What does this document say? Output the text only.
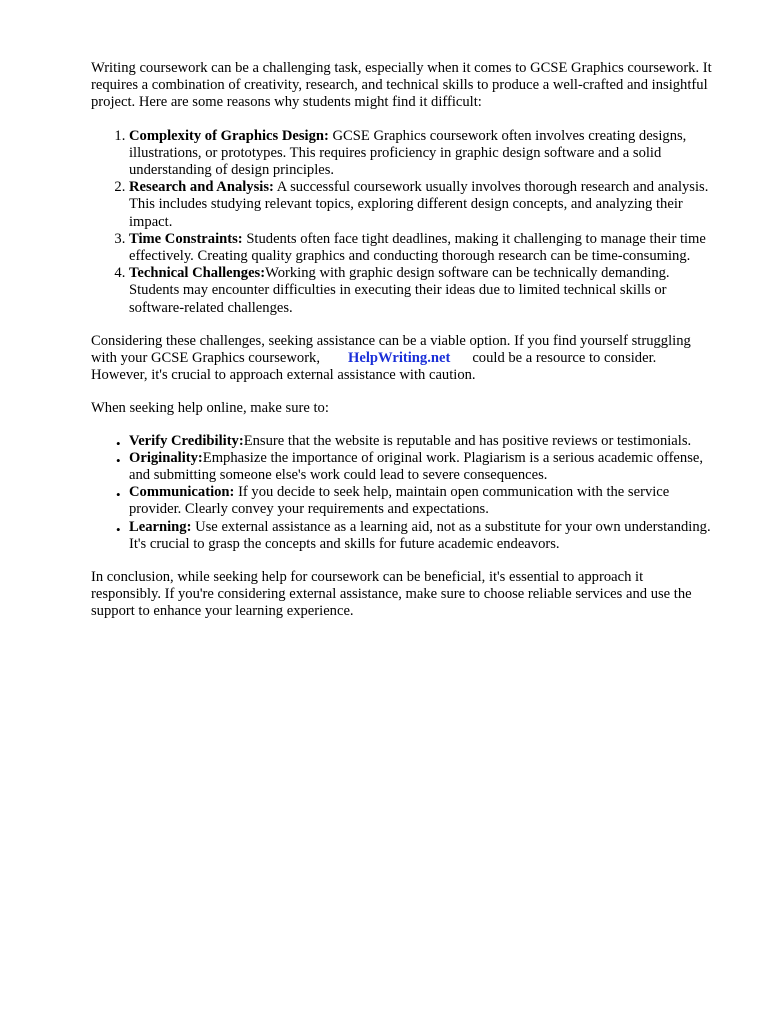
Writing coursework can be a challenging task, especially when it comes to GCSE Graphics coursework. It requires a combination of creativity, research, and technical skills to produce a well-crafted and insightful project. Here are some reasons why students might find it difficult:

1. Complexity of Graphics Design: GCSE Graphics coursework often involves creating designs, illustrations, or prototypes. This requires proficiency in graphic design software and a solid understanding of design principles.
2. Research and Analysis: A successful coursework usually involves thorough research and analysis. This includes studying relevant topics, exploring different design concepts, and analyzing their impact.
3. Time Constraints: Students often face tight deadlines, making it challenging to manage their time effectively. Creating quality graphics and conducting thorough research can be time-consuming.
4. Technical Challenges:Working with graphic design software can be technically demanding. Students may encounter difficulties in executing their ideas due to limited technical skills or software-related challenges.

Considering these challenges, seeking assistance can be a viable option. If you find yourself struggling with your GCSE Graphics coursework, HelpWriting.net could be a resource to consider. However, it's crucial to approach external assistance with caution.

When seeking help online, make sure to:

• Verify Credibility:Ensure that the website is reputable and has positive reviews or testimonials.
• Originality:Emphasize the importance of original work. Plagiarism is a serious academic offense, and submitting someone else's work could lead to severe consequences.
• Communication: If you decide to seek help, maintain open communication with the service provider. Clearly convey your requirements and expectations.
• Learning: Use external assistance as a learning aid, not as a substitute for your own understanding. It's crucial to grasp the concepts and skills for future academic endeavors.

In conclusion, while seeking help for coursework can be beneficial, it's essential to approach it responsibly. If you're considering external assistance, make sure to choose reliable services and use the support to enhance your learning experience.
